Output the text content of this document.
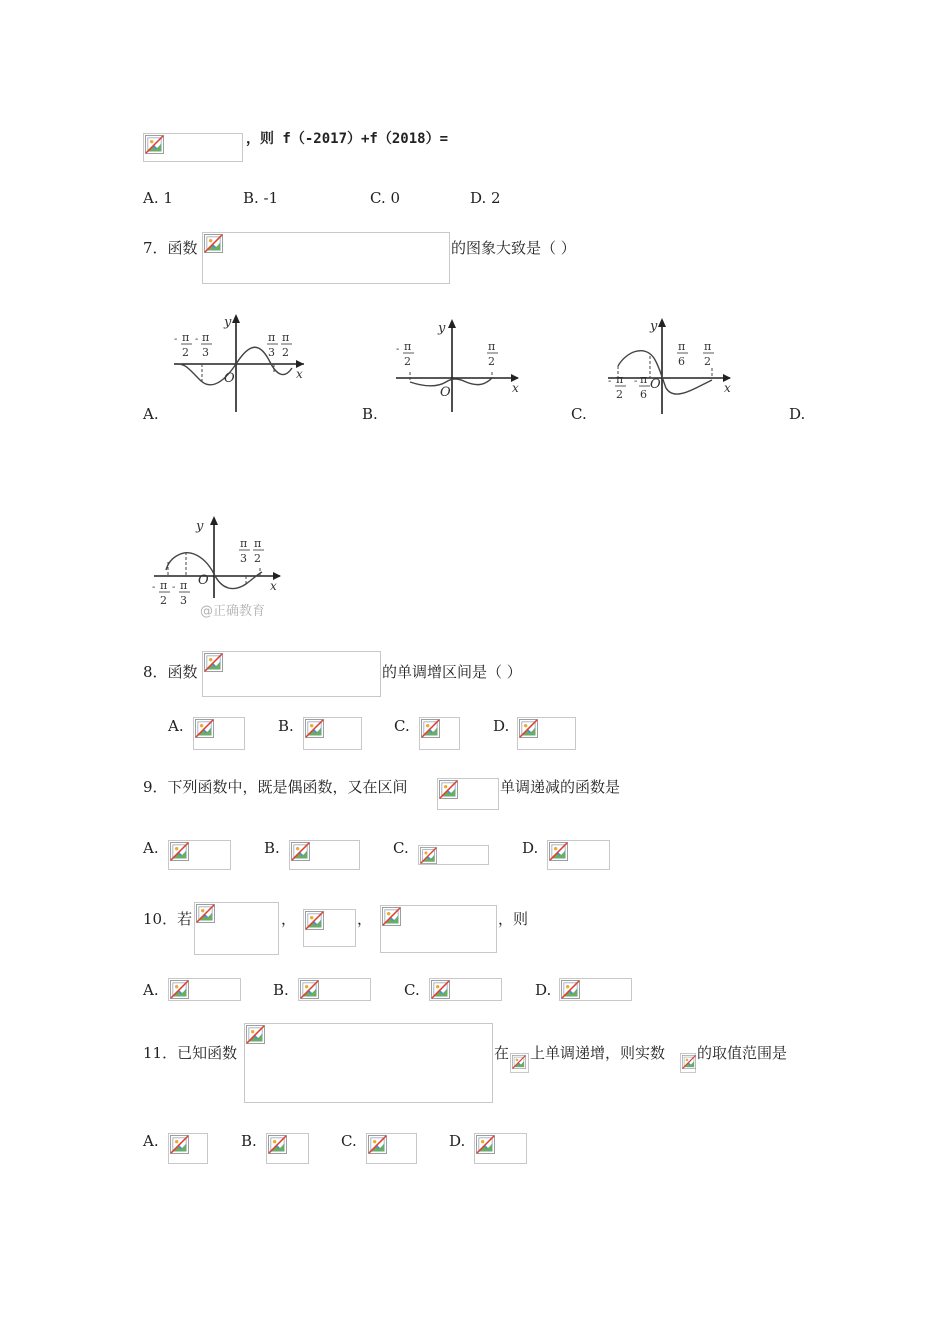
，则 f（-2017）+f（2018）=
A. 1	B. -1	C. 0	D. 2
7．函数	的图象大致是（ ）
y
x
O
- π
2
- π
3
π
3
π
2
A.
y
x
O
- π
2
π
2
B.
y
x
O
- π
2
- π
6
π
6
π
2
C.	D.
y
x
O
- π
2
- π
3
π
3
π
2
@正确教育
8．函数	的单调增区间是（ ）
A.	B.	C.	D.
9．下列函数中，既是偶函数，又在区间	单调递减的函数是
A.	B.	C.	D.
10．若	，	，	，则
A.	B.	C.	D.
11．已知函数	在 上单调递增，则实数 的取值范围是
A.	B.	C.	D.
